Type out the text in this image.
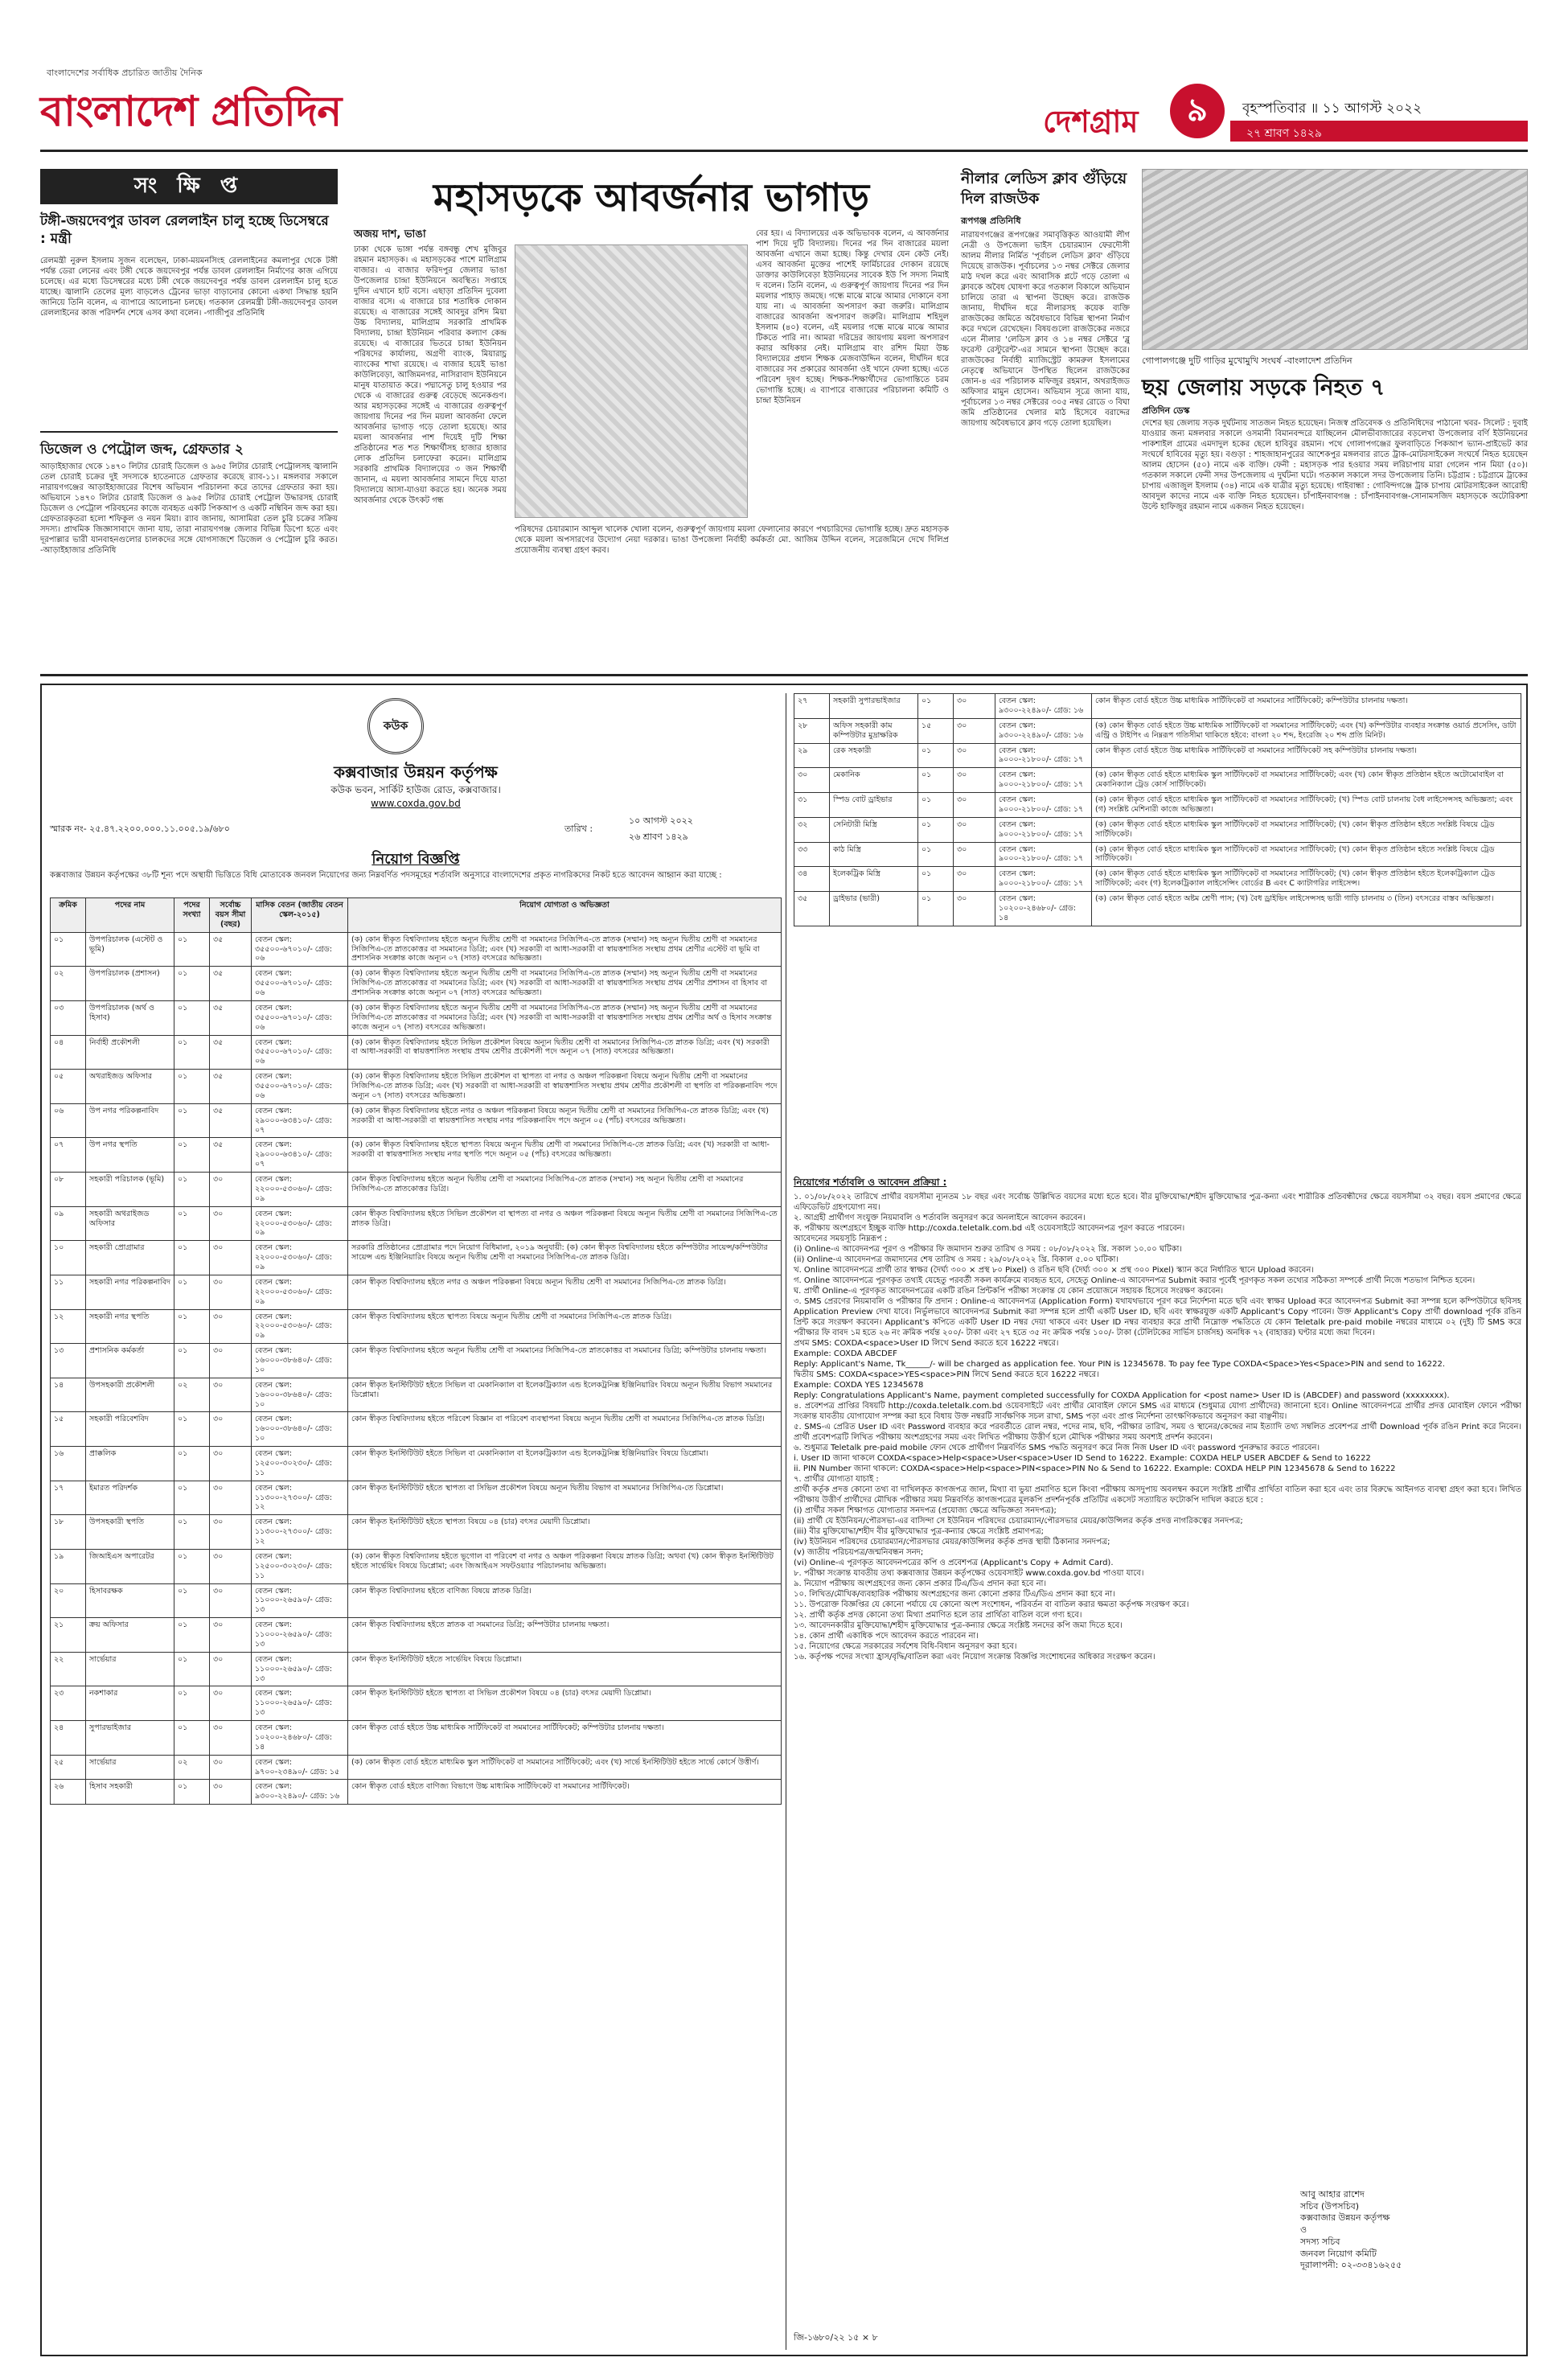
বাংলাদেশের সর্বাধিক প্রচারিত জাতীয় দৈনিক
বাংলাদেশ প্রতিদিন	দেশগ্রাম ৯	বৃহস্পতিবার ॥ ১১ আগস্ট ২০২২
২৭ শ্রাবণ ১৪২৯
সং ক্ষি প্ত
টঙ্গী-জয়দেবপুর ডাবল রেললাইন চালু হচ্ছে ডিসেম্বরে : মন্ত্রী
রেলমন্ত্রী নুরুল ইসলাম সুজন বলেছেন, ঢাকা-ময়মনসিংহ রেললাইনের কমলাপুর থেকে টঙ্গী পর্যন্ত ডেরা লেনের এবং টঙ্গী থেকে জয়দেবপুর পর্যন্ত ডাবল রেললাইন নির্মাণের কাজ এগিয়ে চলেছে। এর মধ্যে ডিসেম্বরের মধ্যে টঙ্গী থেকে জয়দেবপুর পর্যন্ত ডাবল রেললাইন চালু হতে যাচ্ছে। জ্বালানি তেলের মূল্য বাড়লেও ট্রেনের ভাড়া বাড়ানোর কোনো একথা সিদ্ধান্ত হয়নি জানিয়ে তিনি বলেন, এ ব্যাপারে আলোচনা চলছে। গতকাল রেলমন্ত্রী টঙ্গী-জয়দেবপুর ডাবল রেললাইনের কাজ পরিদর্শন শেষে এসব কথা বলেন। -গাজীপুর প্রতিনিধি
ডিজেল ও পেট্রোল জব্দ, গ্রেফতার ২
আড়াইহাজার থেকে ১৪৭০ লিটার চোরাই ডিজেল ও ৯৬৫ লিটার চোরাই পেট্রোলসহ জ্বালানি তেল চোরাই চক্রের দুই সদস্যকে হাতেনাতে গ্রেফতার করেছে র‍্যাব-১১। মঙ্গলবার সকালে নারায়ণগঞ্জের আড়াইহাজারের বিশেষ অভিযান পরিচালনা করে তাদের গ্রেফতার করা হয়। অভিযানে ১৪৭০ লিটার চোরাই ডিজেল ও ৯৬৫ লিটার চোরাই পেট্রোল উদ্ধারসহ চোরাই ডিজেল ও পেট্রোল পরিবহনের কাজে ব্যবহৃত একটি পিকআপ ও একটি নম্বিবিন জব্দ করা হয়। গ্রেফতারকৃতরা হলো শফিকুল ও নয়ন মিয়া। র‍্যাব জানায়, আসামিরা তেল চুরি চক্রের সক্রিয় সদস্য। প্রাথমিক জিজ্ঞাসাবাদে জানা যায়, তারা নারায়ণগঞ্জ জেলার বিভিন্ন ডিপো হতে এবং দূরপাল্লার ভারী যানবাহনগুলোর চালকদের সঙ্গে যোগসাজশে ডিজেল ও পেট্রোল চুরি করত। -আড়াইহাজার প্রতিনিধি
মহাসড়কে আবর্জনার ভাগাড়
অজয় দাশ, ভাঙা
ঢাকা থেকে ভাঙ্গা পর্যন্ত বঙ্গবন্ধু শেখ মুজিবুর রহমান মহাসড়ক। এ মহাসড়কের পাশে মালিগ্রাম বাজার। এ বাজার ফরিদপুর জেলার ভাঙা উপজেলার চান্দ্রা ইউনিয়নে অবস্থিত। সপ্তাহে দুদিন এখানে হাট বসে। এছাড়া প্রতিদিন দুবেলা বাজার বসে। এ বাজারে চার শতাধিক দোকান রয়েছে। এ বাজারের সঙ্গেই আবদুর রশিদ মিয়া উচ্চ বিদ্যালয়, মালিগ্রাম সরকারি প্রাথমিক বিদ্যালয়, চান্দ্রা ইউনিয়ন পরিবার কল্যাণ কেন্দ্র রয়েছে। এ বাজারের ভিতরে চান্দ্রা ইউনিয়ন পরিষদের কার্যালয়, অগ্রণী ব্যাংক, মিয়ারাচ্র ব্যাংকের শাখা রয়েছে। এ বাজার হয়েই ভাঙা কাউলিবেড়া, আজিমনগর, নাসিরাবাদ ইউনিয়নে মানুষ যাতায়াত করে। পদ্মাসেতু চালু হওয়ার পর থেকে এ বাজারের গুরুত্ব বেড়েছে অনেকগুণ। আর মহাসড়কের সঙ্গেই এ বাজারের গুরুত্বপূর্ণ জায়গায় দিনের পর দিন ময়লা আবর্জনা ফেলে আবর্জনার ভাগাড় গড়ে তোলা হয়েছে। আর ময়লা আবর্জনার পাশ দিয়েই দুটি শিক্ষা প্রতিষ্ঠানের শত শত শিক্ষার্থীসহ হাজার হাজার লোক প্রতিদিন চলাফেরা করেন। মালিগ্রাম সরকারি প্রাথমিক বিদ্যালয়ের ৩ জন শিক্ষার্থী জানান, এ ময়লা আবর্জনার সামনে দিয়ে যাতা বিদ্যালয়ে আসা-যাওয়া করতে হয়। অনেক সময় আবর্জনার থেকে উৎকট গন্ধ
বের হয়। এ বিদ্যালয়ের এক অভিভাবক বলেন, এ আবর্জনার পাশ দিয়ে দুটি বিদ্যালয়। দিনের পর দিন বাজারের ময়লা আবর্জনা এখানে জমা হচ্ছে। কিন্তু দেখার যেন কেউ নেই। এসব আবর্জনা মুক্তের পাশেই ফার্মিচারের দোকান রয়েছে ডাক্তার কাউলিবেড়া ইউনিয়নের সাবেক ইউ পি সদস্য নিমাই দ বলেন। তিনি বলেন, এ গুরুত্বপূর্ণ জায়গায় দিনের পর দিন ময়লার পাহাড় জমছে। গন্ধে মাঝে মাঝে আমার দোকানে বসা যায় না। এ আবর্জনা অপসারণ করা জরুরি। মালিগ্রাম বাজারের আবর্জনা অপসারণ জরুরি। মালিগ্রাম শহিদুল ইসলাম (৪০) বলেন, এই ময়লার গন্ধে মাঝে মাঝে আমার টিকতে পারি না। আমরা দরিদ্রের জায়গায় ময়লা অপসারণ করার অধিকার নেই। মালিগ্রাম বাং রশিদ মিয়া উচ্চ বিদ্যালয়ের প্রধান শিক্ষক মেজবাউদ্দিন বলেন, দীর্ঘদিন ধরে বাজারের সব প্রকারের আবর্জনা ওই খানে ফেলা হচ্ছে। এতে পরিবেশ দূষণ হচ্ছে। শিক্ষক-শিক্ষার্থীদের ভোগান্তিতে চরম ভোগান্তি হচ্ছে। এ ব্যাপারে বাজারের পরিচালনা কমিটি ও চান্দ্রা ইউনিয়ন
পরিষদের চেয়ারম্যান আব্দুল খালেক খোলা বলেন, গুরুত্বপূর্ণ জায়গায় ময়লা ফেলানোর কারণে পথচারিদের ভোগান্তি হচ্ছে। দ্রুত মহাসড়ক থেকে ময়লা অপসারণের উদ্যোগ নেয়া দরকার। ভাঙা উপজেলা নির্বাহী কর্মকর্তা মো. আজিম উদ্দিন বলেন, সরেজমিনে দেখে দিলিপ্র প্রয়োজনীয় ব্যবস্থা গ্রহণ করব।
নীলার লেডিস ক্লাব গুঁড়িয়ে দিল রাজউক
রূপগঞ্জ প্রতিনিধি
নারায়ণগঞ্জের রূপগঞ্জের সমাবৃত্তিকৃত আওয়ামী লীগ নেত্রী ও উপজেলা ভাইস চেয়ারম্যান ফেরদৌসী আলম নীলার নির্মিত 'পূর্বাচল লেডিস ক্লাব' গুঁড়িয়ে দিয়েছে রাজউক। পূর্বাচলের ১৩ নম্বর সেক্টরে জেলার মাঠ দখল করে এবং আবাসিক প্লটে গড়ে তোলা এ ক্লাবকে অবৈধ ঘোষণা করে গতকাল বিকালে অভিযান চালিয়ে তারা এ স্থাপনা উচ্ছেদ করে। রাজউক জানায়, দীর্ঘদিন ধরে নীলারসহ কয়েক ব্যক্তি রাজউকের জমিতে অবৈধভাবে বিভিন্ন স্থাপনা নির্মাণ করে দখলে রেখেছেন। বিষয়গুলো রাজউকের নজরে এলে নীলার 'লেডিস ক্লাব ও ১৪ নম্বর সেক্টরে 'ব্লু ফরেস্ট রেস্টুরেন্ট'-এর সামনে স্থাপনা উচ্ছেদ করে। রাজউকের নির্বাহী ম্যাজিস্ট্রেট কামরুল ইসলামের নেতৃত্বে অভিযানে উপস্থিত ছিলেন রাজউকের জোন-৪ এর পরিচালক মফিজুর রহমান, অথরাইজড অফিসার মামুন হোসেন। অভিযান সূত্রে জানা যায়, পূর্বাচলের ১৩ নম্বর সেক্টরের ৩০৫ নম্বর রোডে ৩ বিঘা জমি প্রতিষ্ঠানের খেলার মাঠ হিসেবে বরাদ্দের জায়গায় অবৈধভাবে ক্লাব গড়ে তোলা হয়েছিল।
গোপালগঞ্জে দুটি গাড়ির মুখোমুখি সংঘর্ষ -বাংলাদেশ প্রতিদিন
ছয় জেলায় সড়কে নিহত ৭
প্রতিদিন ডেস্ক
দেশের ছয় জেলায় সড়ক দুর্ঘটনায় সাতজন নিহত হয়েছেন। নিজস্ব প্রতিবেদক ও প্রতিনিধিদের পাঠানো খবর- সিলেট : দুবাই যাওয়ার জন্য মঙ্গলবার সকালে ওসমানী বিমানবন্দরে যাচ্ছিলেন মৌলভীবাজারের বড়লেখা উপজেলার বর্ণি ইউনিয়নের পাকশাইল গ্রামের এমদাদুল হকের ছেলে হাবিবুর রহমান। পথে গোলাপগঞ্জের ফুলবাড়িতে পিকআপ ভ্যান-প্রাইভেট কার সংঘর্ষে হাবিবের মৃত্যু হয়। বগুড়া : শাহজাহানপুরের আশেকপুর মঙ্গলবার রাতে ট্রাক-মোটরসাইকেল সংঘর্ষে নিহত হয়েছেন আলম হোসেন (৫০) নামে এক ব্যক্তি। ফেনী : মহাসড়ক পার হওয়ার সময় লরিচাপায় মারা গেলেন পান মিয়া (৫০)। গতকাল সকালে ফেনী সদর উপজেলায় এ দুর্ঘটনা ঘটে। গতকাল সকালে সদর উপজেলায় তিনি। চট্টগ্রাম : চট্টগ্রামে ট্রাকের চাপায় এজাজুল ইসলাম (৩৪) নামে এক যাত্রীর মৃত্যু হয়েছে। গাইবান্ধা : গোবিন্দগঞ্জে ট্রাক চাপায় মোটরসাইকেল আরোহী আবদুল কাদের নামে এক ব্যক্তি নিহত হয়েছেন। চাঁপাইনবাবগঞ্জ : চাঁপাইনবাবগঞ্জ-সোনামসজিদ মহাসড়কে অটোরিকশা উল্টে হাফিজুর রহমান নামে একজন নিহত হয়েছেন।
কউক
কক্সবাজার উন্নয়ন কর্তৃপক্ষ
কউক ভবন, সার্কিট হাউজ রোড, কক্সবাজার।
www.coxda.gov.bd
স্মারক নং- ২৫.৪৭.২২০০.০০০.১১.০০৫.১৯/৬৮০	তারিখ :
১০ আগস্ট ২০২২
২৬ শ্রাবণ ১৪২৯
নিয়োগ বিজ্ঞপ্তি
কক্সবাজার উন্নয়ন কর্তৃপক্ষের ৩৮টি শূন্য পদে অস্থায়ী ভিত্তিতে বিধি মোতাবেক জনবল নিয়োগের জন্য নিম্নবর্ণিত পদসমূহের শর্তাবলি অনুসারে বাংলাদেশের প্রকৃত নাগরিকদের নিকট হতে আবেদন আহ্বান করা যাচ্ছে :
ক্রমিক	পদের নাম	পদের সংখ্যা	সর্বোচ্চ বয়স সীমা (বছর)	মাসিক বেতন (জাতীয় বেতন স্কেল-২০১৫)	নিয়োগ যোগ্যতা ও অভিজ্ঞতা
০১	উপপরিচালক (এস্টেট ও ভূমি)	০১	৩৫	বেতন স্কেল: ৩৫৫০০-৬৭০১০/- গ্রেড: ০৬	(ক) কোন স্বীকৃত বিশ্ববিদ্যালয় হইতে অন্যূন দ্বিতীয় শ্রেণী বা সমমানের সিজিপিএ-তে স্নাতক (সম্মান) সহ অন্যূন দ্বিতীয় শ্রেণী বা সমমানের সিজিপিএ-তে স্নাতকোত্তর বা সমমানের ডিগ্রি; এবং (খ) সরকারী বা আধা-সরকারী বা স্বায়ত্তশাসিত সংস্থায় প্রথম শ্রেণীর এস্টেট বা ভূমি বা প্রশাসনিক সংক্রান্ত কাজে অন্যূন ০৭ (সাত) বৎসরের অভিজ্ঞতা।
০২	উপপরিচালক (প্রশাসন)	০১	৩৫	বেতন স্কেল: ৩৫৫০০-৬৭০১০/- গ্রেড: ০৬	(ক) কোন স্বীকৃত বিশ্ববিদ্যালয় হইতে অন্যূন দ্বিতীয় শ্রেণী বা সমমানের সিজিপিএ-তে স্নাতক (সম্মান) সহ অন্যূন দ্বিতীয় শ্রেণী বা সমমানের সিজিপিএ-তে স্নাতকোত্তর বা সমমানের ডিগ্রি; এবং (খ) সরকারী বা আধা-সরকারী বা স্বায়ত্তশাসিত সংস্থায় প্রথম শ্রেণীর প্রশাসন বা হিসাব বা প্রশাসনিক সংক্রান্ত কাজে অন্যূন ০৭ (সাত) বৎসরের অভিজ্ঞতা।
০৩	উপপরিচালক (অর্থ ও হিসাব)	০১	৩৫	বেতন স্কেল: ৩৫৫০০-৬৭০১০/- গ্রেড: ০৬	(ক) কোন স্বীকৃত বিশ্ববিদ্যালয় হইতে অন্যূন দ্বিতীয় শ্রেণী বা সমমানের সিজিপিএ-তে স্নাতক (সম্মান) সহ অন্যূন দ্বিতীয় শ্রেণী বা সমমানের সিজিপিএ-তে স্নাতকোত্তর বা সমমানের ডিগ্রি; এবং (খ) সরকারী বা আধা-সরকারী বা স্বায়ত্তশাসিত সংস্থায় প্রথম শ্রেণীর অর্থ ও হিসাব সংক্রান্ত কাজে অন্যূন ০৭ (সাত) বৎসরের অভিজ্ঞতা।
০৪	নির্বাহী প্রকৌশলী	০১	৩৫	বেতন স্কেল: ৩৫৫০০-৬৭০১০/- গ্রেড: ০৬	(ক) কোন স্বীকৃত বিশ্ববিদ্যালয় হইতে সিভিল প্রকৌশল বিষয়ে অন্যূন দ্বিতীয় শ্রেণী বা সমমানের সিজিপিএ-তে স্নাতক ডিগ্রি; এবং (খ) সরকারী বা আধা-সরকারী বা স্বায়ত্তশাসিত সংস্থায় প্রথম শ্রেণীর প্রকৌশলী পদে অন্যূন ০৭ (সাত) বৎসরের অভিজ্ঞতা।
০৫	অথরাইজড অফিসার	০১	৩৫	বেতন স্কেল: ৩৫৫০০-৬৭০১০/- গ্রেড: ০৬	(ক) কোন স্বীকৃত বিশ্ববিদ্যালয় হইতে সিভিল প্রকৌশল বা স্থাপত্য বা নগর ও অঞ্চল পরিকল্পনা বিষয়ে অন্যূন দ্বিতীয় শ্রেণী বা সমমানের সিজিপিএ-তে স্নাতক ডিগ্রি; এবং (খ) সরকারী বা আধা-সরকারী বা স্বায়ত্তশাসিত সংস্থায় প্রথম শ্রেণীর প্রকৌশলী বা স্থপতি বা পরিকল্পনাবিদ পদে অন্যূন ০৭ (সাত) বৎসরের অভিজ্ঞতা।
০৬	উপ নগর পরিকল্পনাবিদ	০১	৩৫	বেতন স্কেল: ২৯০০০-৬৩৪১০/- গ্রেড: ০৭	(ক) কোন স্বীকৃত বিশ্ববিদ্যালয় হইতে নগর ও অঞ্চল পরিকল্পনা বিষয়ে অন্যূন দ্বিতীয় শ্রেণী বা সমমানের সিজিপিএ-তে স্নাতক ডিগ্রি; এবং (খ) সরকারী বা আধা-সরকারী বা স্বায়ত্তশাসিত সংস্থায় নগর পরিকল্পনাবিদ পদে অন্যূন ০৫ (পাঁচ) বৎসরের অভিজ্ঞতা।
০৭	উপ নগর স্থপতি	০১	৩৫	বেতন স্কেল: ২৯০০০-৬৩৪১০/- গ্রেড: ০৭	(ক) কোন স্বীকৃত বিশ্ববিদ্যালয় হইতে স্থাপত্য বিষয়ে অন্যূন দ্বিতীয় শ্রেণী বা সমমানের সিজিপিএ-তে স্নাতক ডিগ্রি; এবং (খ) সরকারী বা আধা-সরকারী বা স্বায়ত্তশাসিত সংস্থায় নগর স্থপতি পদে অন্যূন ০৫ (পাঁচ) বৎসরের অভিজ্ঞতা।
০৮	সহকারী পরিচালক (ভূমি)	০১	৩০	বেতন স্কেল: ২২০০০-৫৩০৬০/- গ্রেড: ০৯	কোন স্বীকৃত বিশ্ববিদ্যালয় হইতে অন্যূন দ্বিতীয় শ্রেণী বা সমমানের সিজিপিএ-তে স্নাতক (সম্মান) সহ অন্যূন দ্বিতীয় শ্রেণী বা সমমানের সিজিপিএ-তে স্নাতকোত্তর ডিগ্রি।
০৯	সহকারী অথরাইজড অফিসার	০১	৩০	বেতন স্কেল: ২২০০০-৫৩০৬০/- গ্রেড: ০৯	কোন স্বীকৃত বিশ্ববিদ্যালয় হইতে সিভিল প্রকৌশল বা স্থাপত্য বা নগর ও অঞ্চল পরিকল্পনা বিষয়ে অন্যূন দ্বিতীয় শ্রেণী বা সমমানের সিজিপিএ-তে স্নাতক ডিগ্রি।
১০	সহকারী প্রোগ্রামার	০১	৩০	বেতন স্কেল: ২২০০০-৫৩০৬০/- গ্রেড: ০৯	সরকারি প্রতিষ্ঠানের প্রোগ্রামার পদে নিয়োগ বিধিমালা, ২০১৯ অনুযায়ী: (ক) কোন স্বীকৃত বিশ্ববিদ্যালয় হইতে কম্পিউটার সায়েন্স/কম্পিউটার সায়েন্স এন্ড ইঞ্জিনিয়ারিং বিষয়ে অন্যূন দ্বিতীয় শ্রেণী বা সমমানের সিজিপিএ-তে স্নাতক ডিগ্রি।
১১	সহকারী নগর পরিকল্পনাবিদ	০১	৩০	বেতন স্কেল: ২২০০০-৫৩০৬০/- গ্রেড: ০৯	কোন স্বীকৃত বিশ্ববিদ্যালয় হইতে নগর ও অঞ্চল পরিকল্পনা বিষয়ে অন্যূন দ্বিতীয় শ্রেণী বা সমমানের সিজিপিএ-তে স্নাতক ডিগ্রি।
১২	সহকারী নগর স্থপতি	০১	৩০	বেতন স্কেল: ২২০০০-৫৩০৬০/- গ্রেড: ০৯	কোন স্বীকৃত বিশ্ববিদ্যালয় হইতে স্থাপত্য বিষয়ে অন্যূন দ্বিতীয় শ্রেণী বা সমমানের সিজিপিএ-তে স্নাতক ডিগ্রি।
১৩	প্রশাসনিক কর্মকর্তা	০১	৩০	বেতন স্কেল: ১৬০০০-৩৮৬৪০/- গ্রেড: ১০	কোন স্বীকৃত বিশ্ববিদ্যালয় হইতে অন্যূন দ্বিতীয় শ্রেণী বা সমমানের সিজিপিএ-তে স্নাতকোত্তর বা সমমানের ডিগ্রি; কম্পিউটার চালনায় দক্ষতা।
১৪	উপসহকারী প্রকৌশলী	০২	৩০	বেতন স্কেল: ১৬০০০-৩৮৬৪০/- গ্রেড: ১০	কোন স্বীকৃত ইনস্টিটিউট হইতে সিভিল বা মেকানিক্যাল বা ইলেকট্রিক্যাল এন্ড ইলেকট্রনিক্স ইঞ্জিনিয়ারিং বিষয়ে অন্যূন দ্বিতীয় বিভাগ সমমানের ডিপ্লোমা।
১৫	সহকারী পরিবেশবিদ	০১	৩০	বেতন স্কেল: ১৬০০০-৩৮৬৪০/- গ্রেড: ১০	কোন স্বীকৃত বিশ্ববিদ্যালয় হইতে পরিবেশ বিজ্ঞান বা পরিবেশ ব্যবস্থাপনা বিষয়ে অন্যূন দ্বিতীয় শ্রেণী বা সমমানের সিজিপিএ-তে স্নাতক ডিগ্রি।
১৬	প্রাক্কলিক	০১	৩০	বেতন স্কেল: ১২৫০০-৩০২৩০/- গ্রেড: ১১	কোন স্বীকৃত ইনস্টিটিউট হইতে সিভিল বা মেকানিক্যাল বা ইলেকট্রিক্যাল এন্ড ইলেকট্রনিক্স ইঞ্জিনিয়ারিং বিষয়ে ডিপ্লোমা।
১৭	ইমারত পরিদর্শক	০১	৩০	বেতন স্কেল: ১১৩০০-২৭৩০০/- গ্রেড: ১২	কোন স্বীকৃত ইনস্টিটিউট হইতে স্থাপত্য বা সিভিল প্রকৌশল বিষয়ে অন্যূন দ্বিতীয় বিভাগ বা সমমানের সিজিপিএ-তে ডিপ্লোমা।
১৮	উপসহকারী স্থপতি	০১	৩০	বেতন স্কেল: ১১৩০০-২৭৩০০/- গ্রেড: ১২	কোন স্বীকৃত ইনস্টিটিউট হইতে স্থাপত্য বিষয়ে ০৪ (চার) বৎসর মেয়াদী ডিপ্লোমা।
১৯	জিআইএস অপারেটর	০১	৩০	বেতন স্কেল: ১২৫০০-৩০২৩০/- গ্রেড: ১১	(ক) কোন স্বীকৃত বিশ্ববিদ্যালয় হইতে ভূগোল বা পরিবেশ বা নগর ও অঞ্চল পরিকল্পনা বিষয়ে স্নাতক ডিগ্রি; অথবা (খ) কোন স্বীকৃত ইনস্টিটিউট হইতে সার্ভেয়িং বিষয়ে ডিপ্লোমা; এবং জিআইএস সফটওয়্যার পরিচালনায় অভিজ্ঞতা।
২০	হিসাবরক্ষক	০১	৩০	বেতন স্কেল: ১১০০০-২৬৫৯০/- গ্রেড: ১৩	কোন স্বীকৃত বিশ্ববিদ্যালয় হইতে বাণিজ্য বিষয়ে স্নাতক ডিগ্রি।
২১	ক্রয় অফিসার	০১	৩০	বেতন স্কেল: ১১০০০-২৬৫৯০/- গ্রেড: ১৩	কোন স্বীকৃত বিশ্ববিদ্যালয় হইতে স্নাতক বা সমমানের ডিগ্রি; কম্পিউটার চালনায় দক্ষতা।
২২	সার্ভেয়ার	০১	৩০	বেতন স্কেল: ১১০০০-২৬৫৯০/- গ্রেড: ১৩	কোন স্বীকৃত ইনস্টিটিউট হইতে সার্ভেয়িং বিষয়ে ডিপ্লোমা।
২৩	নকশাকার	০১	৩০	বেতন স্কেল: ১১০০০-২৬৫৯০/- গ্রেড: ১৩	কোন স্বীকৃত ইনস্টিটিউট হইতে স্থাপত্য বা সিভিল প্রকৌশল বিষয়ে ০৪ (চার) বৎসর মেয়াদী ডিপ্লোমা।
২৪	সুপারভাইজার	০১	৩০	বেতন স্কেল: ১০২০০-২৪৬৮০/- গ্রেড: ১৪	কোন স্বীকৃত বোর্ড হইতে উচ্চ মাধ্যমিক সার্টিফিকেট বা সমমানের সার্টিফিকেট; কম্পিউটার চালনায় দক্ষতা।
২৫	সার্ভেয়ার	০২	৩০	বেতন স্কেল: ৯৭০০-২৩৪৯০/- গ্রেড: ১৫	(ক) কোন স্বীকৃত বোর্ড হইতে মাধ্যমিক স্কুল সার্টিফিকেট বা সমমানের সার্টিফিকেট; এবং (খ) সার্ভে ইনস্টিটিউট হইতে সার্ভে কোর্সে উত্তীর্ণ।
২৬	হিসাব সহকারী	০১	৩০	বেতন স্কেল: ৯৩০০-২২৪৯০/- গ্রেড: ১৬	কোন স্বীকৃত বোর্ড হইতে বাণিজ্য বিভাগে উচ্চ মাধ্যমিক সার্টিফিকেট বা সমমানের সার্টিফিকেট।
২৭	সহকারী সুপারভাইজার	০১	৩০	বেতন স্কেল: ৯৩০০-২২৪৯০/- গ্রেড: ১৬	কোন স্বীকৃত বোর্ড হইতে উচ্চ মাধ্যমিক সার্টিফিকেট বা সমমানের সার্টিফিকেট; কম্পিউটার চালনায় দক্ষতা।
২৮	অফিস সহকারী কাম কম্পিউটার মুদ্রাক্ষরিক	১৫	৩০	বেতন স্কেল: ৯৩০০-২২৪৯০/- গ্রেড: ১৬	(ক) কোন স্বীকৃত বোর্ড হইতে উচ্চ মাধ্যমিক সার্টিফিকেট বা সমমানের সার্টিফিকেট; এবং (খ) কম্পিউটার ব্যবহার সংক্রান্ত ওয়ার্ড প্রসেসিং, ডাটা এন্ট্রি ও টাইপিং এ নিম্নরূপ গতিসীমা থাকিতে হইবে: বাংলা ২০ শব্দ, ইংরেজি ২০ শব্দ প্রতি মিনিট।
২৯	রেক সহকারী	০১	৩০	বেতন স্কেল: ৯০০০-২১৮০০/- গ্রেড: ১৭	কোন স্বীকৃত বোর্ড হইতে উচ্চ মাধ্যমিক সার্টিফিকেট বা সমমানের সার্টিফিকেট সহ কম্পিউটার চালনায় দক্ষতা।
৩০	মেকানিক	০১	৩০	বেতন স্কেল: ৯০০০-২১৮০০/- গ্রেড: ১৭	(ক) কোন স্বীকৃত বোর্ড হইতে মাধ্যমিক স্কুল সার্টিফিকেট বা সমমানের সার্টিফিকেট; এবং (খ) কোন স্বীকৃত প্রতিষ্ঠান হইতে অটোমোবাইল বা মেকানিক্যাল ট্রেড কোর্স সার্টিফিকেট।
৩১	স্পিড বোট ড্রাইভার	০১	৩০	বেতন স্কেল: ৯০০০-২১৮০০/- গ্রেড: ১৭	(ক) কোন স্বীকৃত বোর্ড হইতে মাধ্যমিক স্কুল সার্টিফিকেট বা সমমানের সার্টিফিকেট; (খ) স্পিড বোট চালনায় বৈধ লাইসেন্সসহ অভিজ্ঞতা; এবং (গ) সংশ্লিষ্ট মেশিনারী কাজে অভিজ্ঞতা।
৩২	সেনিটারী মিস্ত্রি	০১	৩০	বেতন স্কেল: ৯০০০-২১৮০০/- গ্রেড: ১৭	(ক) কোন স্বীকৃত বোর্ড হইতে মাধ্যমিক স্কুল সার্টিফিকেট বা সমমানের সার্টিফিকেট; (খ) কোন স্বীকৃত প্রতিষ্ঠান হইতে সংশ্লিষ্ট বিষয়ে ট্রেড সার্টিফিকেট।
৩৩	কাঠ মিস্ত্রি	০১	৩০	বেতন স্কেল: ৯০০০-২১৮০০/- গ্রেড: ১৭	(ক) কোন স্বীকৃত বোর্ড হইতে মাধ্যমিক স্কুল সার্টিফিকেট বা সমমানের সার্টিফিকেট; (খ) কোন স্বীকৃত প্রতিষ্ঠান হইতে সংশ্লিষ্ট বিষয়ে ট্রেড সার্টিফিকেট।
৩৪	ইলেকট্রিক মিস্ত্রি	০১	৩০	বেতন স্কেল: ৯০০০-২১৮০০/- গ্রেড: ১৭	(ক) কোন স্বীকৃত বোর্ড হইতে মাধ্যমিক স্কুল সার্টিফিকেট বা সমমানের সার্টিফিকেট; (খ) কোন স্বীকৃত প্রতিষ্ঠান হইতে ইলেকট্রিক্যাল ট্রেড সার্টিফিকেট; এবং (গ) ইলেকট্রিক্যাল লাইসেন্সিং বোর্ডের B এবং C ক্যাটাগরির লাইসেন্স।
৩৫	ড্রাইভার (ভারী)	০১	৩০	বেতন স্কেল: ১০২০০-২৪৬৮০/- গ্রেড: ১৪	(ক) কোন স্বীকৃত বোর্ড হইতে অষ্টম শ্রেণী পাস; (খ) বৈধ ড্রাইভিং লাইসেন্সসহ ভারী গাড়ি চালনায় ৩ (তিন) বৎসরের বাস্তব অভিজ্ঞতা।
নিয়োগের শর্তাবলি ও আবেদন প্রক্রিয়া :
১. ০১/০৮/২০২২ তারিখে প্রার্থীর বয়সসীমা ন্যূনতম ১৮ বছর এবং সর্বোচ্চ উল্লিখিত বয়সের মধ্যে হতে হবে। বীর মুক্তিযোদ্ধা/শহীদ মুক্তিযোদ্ধার পুত্র-কন্যা এবং শারীরিক প্রতিবন্ধীদের ক্ষেত্রে বয়সসীমা ৩২ বছর। বয়স প্রমাণের ক্ষেত্রে এফিডেভিট গ্রহণযোগ্য নয়।
২. আগ্রহী প্রার্থীগণ সংযুক্ত নিয়মাবলি ও শর্তাবলি অনুসরণ করে অনলাইনে আবেদন করবেন।
ক. পরীক্ষায় অংশগ্রহণে ইচ্ছুক ব্যক্তি http://coxda.teletalk.com.bd এই ওয়েবসাইটে আবেদনপত্র পূরণ করতে পারবেন।
আবেদনের সময়সূচি নিম্নরূপ :
(i) Online-এ আবেদনপত্র পূরণ ও পরীক্ষার ফি জমাদান শুরুর তারিখ ও সময় : ০৮/০৮/২০২২ খ্রি. সকাল ১০.০০ ঘটিকা।
(ii) Online-এ আবেদনপত্র জমাদানের শেষ তারিখ ও সময় : ২৯/০৮/২০২২ খ্রি. বিকাল ৫.০০ ঘটিকা।
খ. Online আবেদনপত্রে প্রার্থী তার স্বাক্ষর (দৈর্ঘ্য ৩০০ × প্রস্থ ৮০ Pixel) ও রঙিন ছবি (দৈর্ঘ্য ৩০০ × প্রস্থ ৩০০ Pixel) স্ক্যান করে নির্ধারিত স্থানে Upload করবেন।
গ. Online আবেদনপত্রে পূরণকৃত তথ্যই যেহেতু পরবর্তী সকল কার্যক্রমে ব্যবহৃত হবে, সেহেতু Online-এ আবেদনপত্র Submit করার পূর্বেই পূরণকৃত সকল তথ্যের সঠিকতা সম্পর্কে প্রার্থী নিজে শতভাগ নিশ্চিত হবেন।
ঘ. প্রার্থী Online-এ পূরণকৃত আবেদনপত্রের একটি রঙিন প্রিন্টকপি পরীক্ষা সংক্রান্ত যে কোন প্রয়োজনে সহায়ক হিসেবে সংরক্ষণ করবেন।
৩. SMS প্রেরণের নিয়মাবলি ও পরীক্ষার ফি প্রদান : Online-এ আবেদনপত্র (Application Form) যথাযথভাবে পূরণ করে নির্দেশনা মতে ছবি এবং স্বাক্ষর Upload করে আবেদনপত্র Submit করা সম্পন্ন হলে কম্পিউটারে ছবিসহ Application Preview দেখা যাবে। নির্ভুলভাবে আবেদনপত্র Submit করা সম্পন্ন হলে প্রার্থী একটি User ID, ছবি এবং স্বাক্ষরযুক্ত একটি Applicant's Copy পাবেন। উক্ত Applicant's Copy প্রার্থী download পূর্বক রঙিন প্রিন্ট করে সংরক্ষণ করবেন। Applicant's কপিতে একটি User ID নম্বর দেয়া থাকবে এবং User ID নম্বর ব্যবহার করে প্রার্থী নিম্নোক্ত পদ্ধতিতে যে কোন Teletalk pre-paid mobile নম্বরের মাধ্যমে ০২ (দুই) টি SMS করে পরীক্ষার ফি বাবদ ১ম হতে ২৬ নং ক্রমিক পর্যন্ত ২০০/- টাকা এবং ২৭ হতে ৩৫ নং ক্রমিক পর্যন্ত ১০০/- টাকা (টেলিটকের সার্ভিস চার্জসহ) অনধিক ৭২ (বাহাত্তর) ঘণ্টার মধ্যে জমা দিবেন।
প্রথম SMS: COXDA<space>User ID লিখে Send করতে হবে 16222 নম্বরে।
Example: COXDA ABCDEF
Reply: Applicant's Name, Tk______/- will be charged as application fee. Your PIN is 12345678. To pay fee Type COXDA<Space>Yes<Space>PIN and send to 16222.
দ্বিতীয় SMS: COXDA<space>YES<space>PIN লিখে Send করতে হবে 16222 নম্বরে।
Example: COXDA YES 12345678
Reply: Congratulations Applicant's Name, payment completed successfully for COXDA Application for <post name> User ID is (ABCDEF) and password (xxxxxxxx).
৪. প্রবেশপত্র প্রাপ্তির বিষয়টি http://coxda.teletalk.com.bd ওয়েবসাইটে এবং প্রার্থীর মোবাইল ফোনে SMS এর মাধ্যমে (শুধুমাত্র যোগ্য প্রার্থীদের) জানানো হবে। Online আবেদনপত্রে প্রার্থীর প্রদত্ত মোবাইল ফোনে পরীক্ষা সংক্রান্ত যাবতীয় যোগাযোগ সম্পন্ন করা হবে বিধায় উক্ত নম্বরটি সার্বক্ষণিক সচল রাখা, SMS পড়া এবং প্রাপ্ত নির্দেশনা তাৎক্ষণিকভাবে অনুসরণ করা বাঞ্ছনীয়।
৫. SMS-এ প্রেরিত User ID এবং Password ব্যবহার করে পরবর্তীতে রোল নম্বর, পদের নাম, ছবি, পরীক্ষার তারিখ, সময় ও স্থানের/কেন্দ্রের নাম ইত্যাদি তথ্য সম্বলিত প্রবেশপত্র প্রার্থী Download পূর্বক রঙিন Print করে নিবেন। প্রার্থী প্রবেশপত্রটি লিখিত পরীক্ষায় অংশগ্রহণের সময় এবং লিখিত পরীক্ষায় উত্তীর্ণ হলে মৌখিক পরীক্ষার সময় অবশ্যই প্রদর্শন করবেন।
৬. শুধুমাত্র Teletalk pre-paid mobile ফোন থেকে প্রার্থীগণ নিম্নবর্ণিত SMS পদ্ধতি অনুসরণ করে নিজ নিজ User ID এবং password পুনরুদ্ধার করতে পারবেন।
i. User ID জানা থাকলে COXDA<space>Help<space>User<space>User ID Send to 16222. Example: COXDA HELP USER ABCDEF & Send to 16222
ii. PIN Number জানা থাকলে: COXDA<space>Help<space>PIN<space>PIN No & Send to 16222. Example: COXDA HELP PIN 12345678 & Send to 16222
৭. প্রার্থীর যোগ্যতা যাচাই :
প্রার্থী কর্তৃক প্রদত্ত কোনো তথ্য বা দাখিলকৃত কাগজপত্র জাল, মিথ্যা বা ভুয়া প্রমাণিত হলে কিংবা পরীক্ষায় অসদুপায় অবলম্বন করলে সংশ্লিষ্ট প্রার্থীর প্রার্থিতা বাতিল করা হবে এবং তার বিরুদ্ধে আইনগত ব্যবস্থা গ্রহণ করা হবে। লিখিত পরীক্ষায় উত্তীর্ণ প্রার্থীদের মৌখিক পরীক্ষার সময় নিম্নবর্ণিত কাগজপত্রের মূলকপি প্রদর্শনপূর্বক প্রতিটির একসেট সত্যায়িত ফটোকপি দাখিল করতে হবে :
(i) প্রার্থীর সকল শিক্ষাগত যোগ্যতার সনদপত্র (প্রযোজ্য ক্ষেত্রে অভিজ্ঞতা সনদপত্র);
(ii) প্রার্থী যে ইউনিয়ন/পৌরসভা-এর বাসিন্দা সে ইউনিয়ন পরিষদের চেয়ারম্যান/পৌরসভার মেয়র/কাউন্সিলর কর্তৃক প্রদত্ত নাগরিকত্বের সনদপত্র;
(iii) বীর মুক্তিযোদ্ধা/শহীদ বীর মুক্তিযোদ্ধার পুত্র-কন্যার ক্ষেত্রে সংশ্লিষ্ট প্রমাণপত্র;
(iv) ইউনিয়ন পরিষদের চেয়ারম্যান/পৌরসভার মেয়র/কাউন্সিলর কর্তৃক প্রদত্ত স্থায়ী ঠিকানার সনদপত্র;
(v) জাতীয় পরিচয়পত্র/জন্মনিবন্ধন সনদ;
(vi) Online-এ পূরণকৃত আবেদনপত্রের কপি ও প্রবেশপত্র (Applicant's Copy + Admit Card).
৮. পরীক্ষা সংক্রান্ত যাবতীয় তথ্য কক্সবাজার উন্নয়ন কর্তৃপক্ষের ওয়েবসাইট www.coxda.gov.bd পাওয়া যাবে।
৯. নিয়োগ পরীক্ষায় অংশগ্রহণের জন্য কোন প্রকার টিএ/ডিএ প্রদান করা হবে না।
১০. লিখিত/মৌখিক/ব্যবহারিক পরীক্ষায় অংশগ্রহণের জন্য কোনো প্রকার টিএ/ডিএ প্রদান করা হবে না।
১১. উপরোক্ত বিজ্ঞপ্তির যে কোনো পর্যায়ে যে কোনো অংশ সংশোধন, পরিবর্তন বা বাতিল করার ক্ষমতা কর্তৃপক্ষ সংরক্ষণ করে।
১২. প্রার্থী কর্তৃক প্রদত্ত কোনো তথ্য মিথ্যা প্রমাণিত হলে তার প্রার্থিতা বাতিল বলে গণ্য হবে।
১৩. আবেদনকারীর মুক্তিযোদ্ধা/শহীদ মুক্তিযোদ্ধার পুত্র-কন্যার ক্ষেত্রে সংশ্লিষ্ট সনদের কপি জমা দিতে হবে।
১৪. কোন প্রার্থী একাধিক পদে আবেদন করতে পারবেন না।
১৫. নিয়োগের ক্ষেত্রে সরকারের সর্বশেষ বিধি-বিধান অনুসরণ করা হবে।
১৬. কর্তৃপক্ষ পদের সংখ্যা হ্রাস/বৃদ্ধি/বাতিল করা এবং নিয়োগ সংক্রান্ত বিজ্ঞপ্তি সংশোধনের অধিকার সংরক্ষণ করেন।
আবু আহার রাশেদ
সচিব (উপসচিব)
কক্সবাজার উন্নয়ন কর্তৃপক্ষ
ও
সদস্য সচিব
জনবল নিয়োগ কমিটি
দূরালাপনী: ০২-৩৩৪১৬২৫৫
জি-১৬৮০/২২ ১৫ × ৮
